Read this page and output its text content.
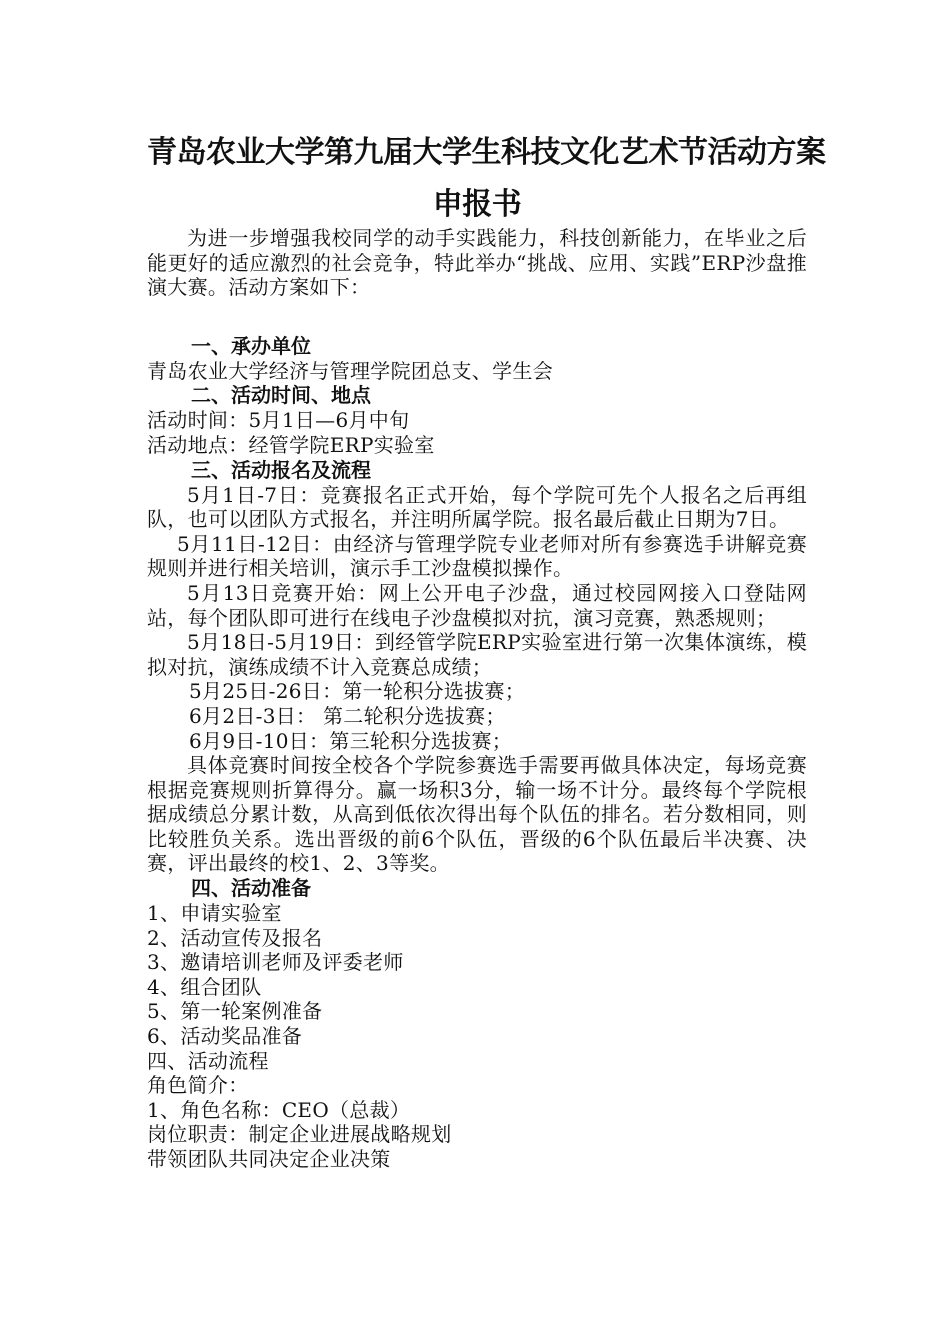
青岛农业大学第九届大学生科技文化艺术节活动方案
申报书

为进一步增强我校同学的动手实践能力，科技创新能力，在毕业之后能更好的适应激烈的社会竞争，特此举办“挑战、应用、实践”ERP沙盘推演大赛。活动方案如下：

一、承办单位

青岛农业大学经济与管理学院团总支、学生会

二、活动时间、地点

活动时间：5月1日—6月中旬

活动地点：经管学院ERP实验室

三、活动报名及流程

5月1日-7日：竞赛报名正式开始，每个学院可先个人报名之后再组队，也可以团队方式报名，并注明所属学院。报名最后截止日期为7日。

5月11日-12日：由经济与管理学院专业老师对所有参赛选手讲解竞赛规则并进行相关培训，演示手工沙盘模拟操作。

5月13日竞赛开始：网上公开电子沙盘，通过校园网接入口登陆网站，每个团队即可进行在线电子沙盘模拟对抗，演习竞赛，熟悉规则；

5月18日-5月19日：到经管学院ERP实验室进行第一次集体演练，模拟对抗，演练成绩不计入竞赛总成绩；

5月25日-26日：第一轮积分选拔赛；

6月2日-3日： 第二轮积分选拔赛；

6月9日-10日：第三轮积分选拔赛；

具体竞赛时间按全校各个学院参赛选手需要再做具体决定，每场竞赛根据竞赛规则折算得分。赢一场积3分，输一场不计分。最终每个学院根据成绩总分累计数，从高到低依次得出每个队伍的排名。若分数相同，则比较胜负关系。选出晋级的前6个队伍，晋级的6个队伍最后半决赛、决赛，评出最终的校1、2、3等奖。

四、活动准备

1、申请实验室

2、活动宣传及报名

3、邀请培训老师及评委老师

4、组合团队

5、第一轮案例准备

6、活动奖品准备

四、活动流程

角色简介：

1、角色名称：CEO（总裁）

岗位职责：制定企业进展战略规划

带领团队共同决定企业决策
